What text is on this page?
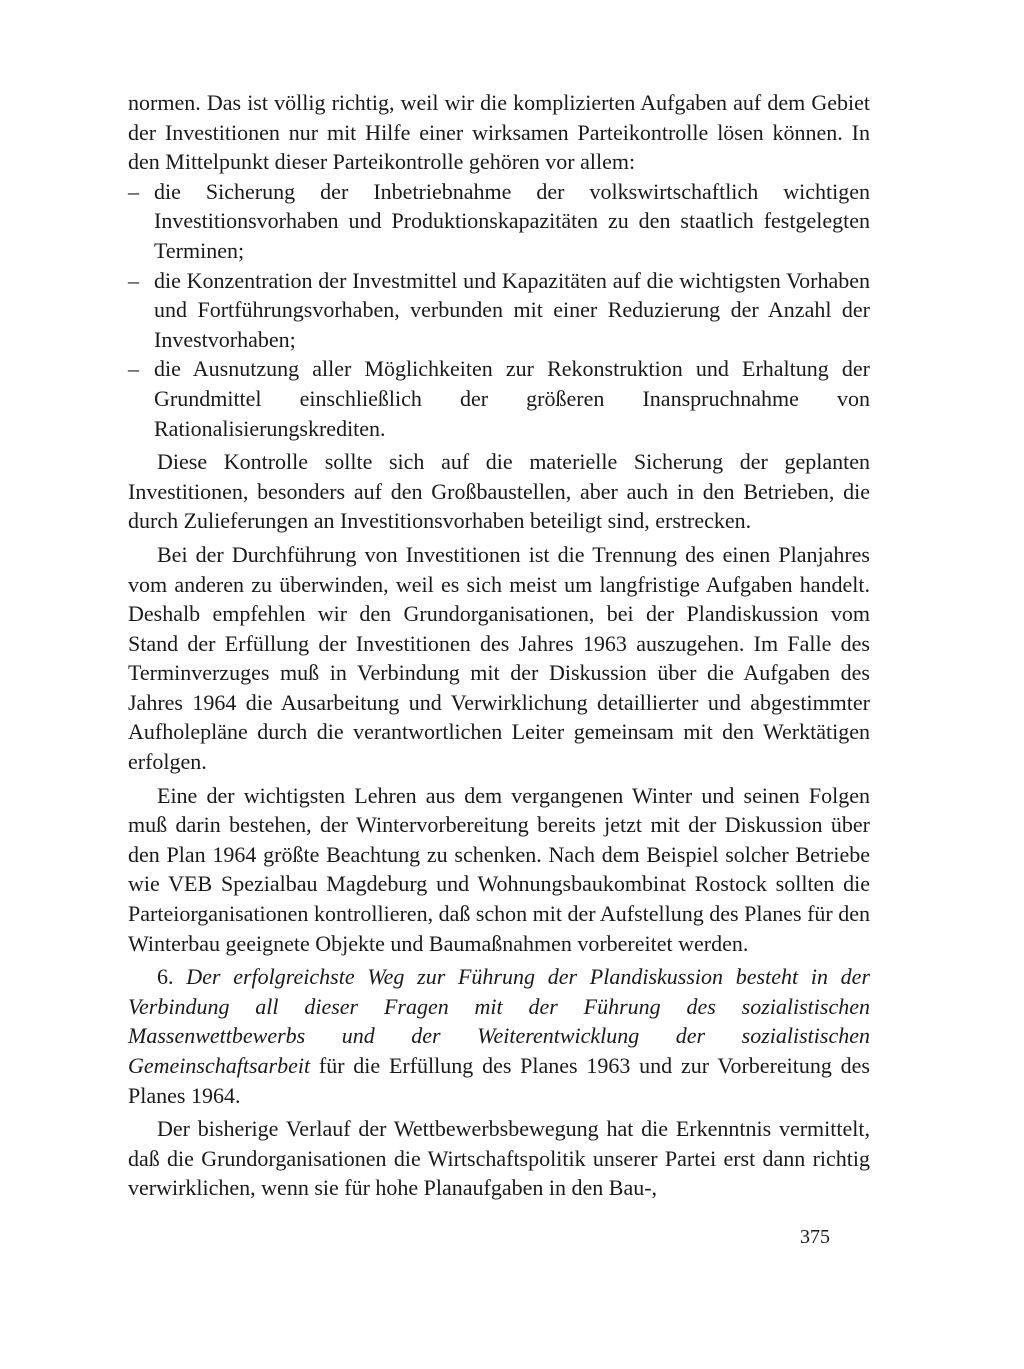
normen. Das ist völlig richtig, weil wir die komplizierten Aufgaben auf dem Gebiet der Investitionen nur mit Hilfe einer wirksamen Parteikontrolle lösen können. In den Mittelpunkt dieser Parteikontrolle gehören vor allem:

– die Sicherung der Inbetriebnahme der volkswirtschaftlich wichtigen Investitionsvorhaben und Produktionskapazitäten zu den staatlich festgelegten Terminen;
– die Konzentration der Investmittel und Kapazitäten auf die wichtigsten Vorhaben und Fortführungsvorhaben, verbunden mit einer Reduzierung der Anzahl der Investvorhaben;
– die Ausnutzung aller Möglichkeiten zur Rekonstruktion und Erhaltung der Grundmittel einschließlich der größeren Inanspruchnahme von Rationalisierungskrediten.

Diese Kontrolle sollte sich auf die materielle Sicherung der geplanten Investitionen, besonders auf den Großbaustellen, aber auch in den Betrieben, die durch Zulieferungen an Investitionsvorhaben beteiligt sind, erstrecken.

Bei der Durchführung von Investitionen ist die Trennung des einen Planjahres vom anderen zu überwinden, weil es sich meist um langfristige Aufgaben handelt. Deshalb empfehlen wir den Grundorganisationen, bei der Plandiskussion vom Stand der Erfüllung der Investitionen des Jahres 1963 auszugehen. Im Falle des Terminverzuges muß in Verbindung mit der Diskussion über die Aufgaben des Jahres 1964 die Ausarbeitung und Verwirklichung detaillierter und abgestimmter Aufholepläne durch die verantwortlichen Leiter gemeinsam mit den Werktätigen erfolgen.

Eine der wichtigsten Lehren aus dem vergangenen Winter und seinen Folgen muß darin bestehen, der Wintervorbereitung bereits jetzt mit der Diskussion über den Plan 1964 größte Beachtung zu schenken. Nach dem Beispiel solcher Betriebe wie VEB Spezialbau Magdeburg und Wohnungsbaukombinat Rostock sollten die Parteiorganisationen kontrollieren, daß schon mit der Aufstellung des Planes für den Winterbau geeignete Objekte und Baumaßnahmen vorbereitet werden.

6. Der erfolgreichste Weg zur Führung der Plandiskussion besteht in der Verbindung all dieser Fragen mit der Führung des sozialistischen Massenwettbewerbs und der Weiterentwicklung der sozialistischen Gemeinschaftsarbeit für die Erfüllung des Planes 1963 und zur Vorbereitung des Planes 1964.

Der bisherige Verlauf der Wettbewerbsbewegung hat die Erkenntnis vermittelt, daß die Grundorganisationen die Wirtschaftspolitik unserer Partei erst dann richtig verwirklichen, wenn sie für hohe Planaufgaben in den Bau-,

375
